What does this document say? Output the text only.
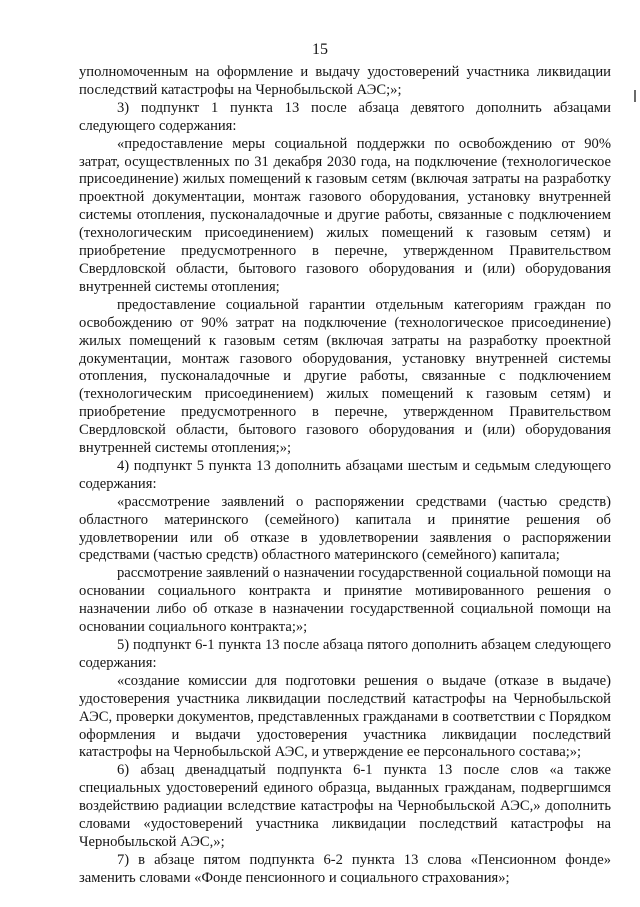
15

уполномоченным на оформление и выдачу удостоверений участника ликвидации последствий катастрофы на Чернобыльской АЭС;»;

3) подпункт 1 пункта 13 после абзаца девятого дополнить абзацами следующего содержания:

«предоставление меры социальной поддержки по освобождению от 90% затрат, осуществленных по 31 декабря 2030 года, на подключение (технологическое присоединение) жилых помещений к газовым сетям (включая затраты на разработку проектной документации, монтаж газового оборудования, установку внутренней системы отопления, пусконаладочные и другие работы, связанные с подключением (технологическим присоединением) жилых помещений к газовым сетям) и приобретение предусмотренного в перечне, утвержденном Правительством Свердловской области, бытового газового оборудования и (или) оборудования внутренней системы отопления;

предоставление социальной гарантии отдельным категориям граждан по освобождению от 90% затрат на подключение (технологическое присоединение) жилых помещений к газовым сетям (включая затраты на разработку проектной документации, монтаж газового оборудования, установку внутренней системы отопления, пусконаладочные и другие работы, связанные с подключением (технологическим присоединением) жилых помещений к газовым сетям) и приобретение предусмотренного в перечне, утвержденном Правительством Свердловской области, бытового газового оборудования и (или) оборудования внутренней системы отопления;»;

4) подпункт 5 пункта 13 дополнить абзацами шестым и седьмым следующего содержания:

«рассмотрение заявлений о распоряжении средствами (частью средств) областного материнского (семейного) капитала и принятие решения об удовлетворении или об отказе в удовлетворении заявления о распоряжении средствами (частью средств) областного материнского (семейного) капитала;

рассмотрение заявлений о назначении государственной социальной помощи на основании социального контракта и принятие мотивированного решения о назначении либо об отказе в назначении государственной социальной помощи на основании социального контракта;»;

5) подпункт 6-1 пункта 13 после абзаца пятого дополнить абзацем следующего содержания:

«создание комиссии для подготовки решения о выдаче (отказе в выдаче) удостоверения участника ликвидации последствий катастрофы на Чернобыльской АЭС, проверки документов, представленных гражданами в соответствии с Порядком оформления и выдачи удостоверения участника ликвидации последствий катастрофы на Чернобыльской АЭС, и утверждение ее персонального состава;»;

6) абзац двенадцатый подпункта 6-1 пункта 13 после слов «а также специальных удостоверений единого образца, выданных гражданам, подвергшимся воздействию радиации вследствие катастрофы на Чернобыльской АЭС,» дополнить словами «удостоверений участника ликвидации последствий катастрофы на Чернобыльской АЭС,»;

7) в абзаце пятом подпункта 6-2 пункта 13 слова «Пенсионном фонде» заменить словами «Фонде пенсионного и социального страхования»;
